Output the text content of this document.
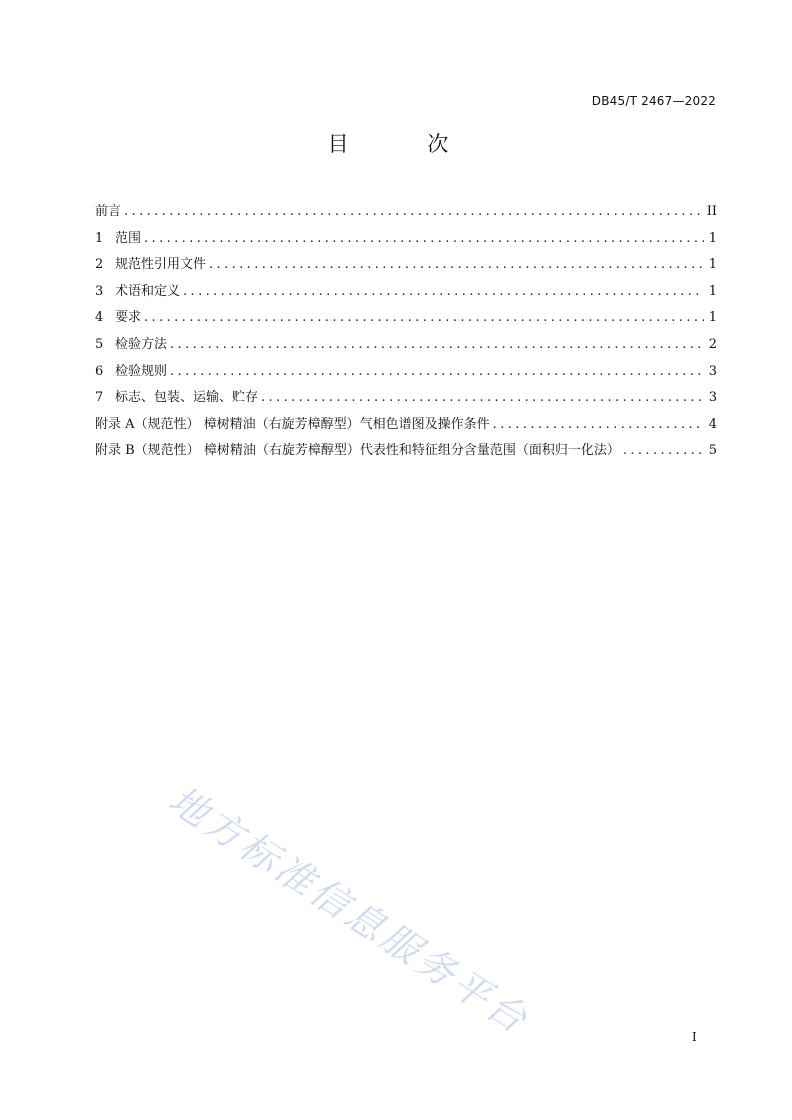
DB45/T 2467—2022
目 次
前言 .....	II
1 范围 .....	1
2 规范性引用文件 .....	1
3 术语和定义 .....	1
4 要求 .....	1
5 检验方法 .....	2
6 检验规则 .....	3
7 标志、包装、运输、贮存 .....	3
附录 A（规范性） 樟树精油（右旋芳樟醇型）气相色谱图及操作条件 .....	4
附录 B（规范性） 樟树精油（右旋芳樟醇型）代表性和特征组分含量范围（面积归一化法） .....	5
地方标准信息服务平台	I
